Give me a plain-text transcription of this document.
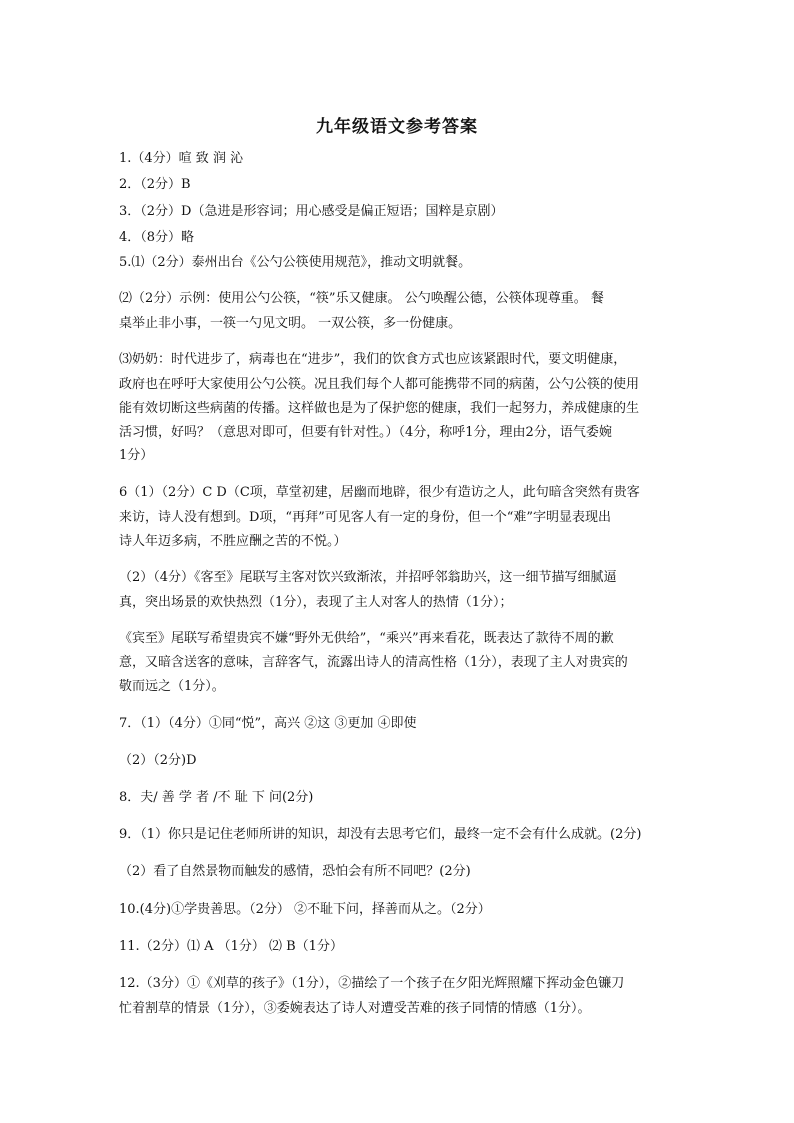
九年级语文参考答案

1.（4分）喧 致 润 沁

2．（2分）B

3．（2分）D（急进是形容词；用心感受是偏正短语；国粹是京剧）

4．（8分）略

5.⑴（2分）泰州出台《公勺公筷使用规范》，推动文明就餐。

⑵（2分）示例：使用公勺公筷，“筷”乐又健康。 公勺唤醒公德，公筷体现尊重。 餐

桌举止非小事，一筷一勺见文明。 一双公筷，多一份健康。

⑶奶奶：时代进步了，病毒也在“进步”，我们的饮食方式也应该紧跟时代，要文明健康，

政府也在呼吁大家使用公勺公筷。况且我们每个人都可能携带不同的病菌，公勺公筷的使用

能有效切断这些病菌的传播。这样做也是为了保护您的健康，我们一起努力，养成健康的生

活习惯，好吗？（意思对即可，但要有针对性。）（4分，称呼1分，理由2分，语气委婉

1分）

6（1）（2分）C D（C项，草堂初建，居幽而地辟，很少有造访之人，此句暗含突然有贵客

来访，诗人没有想到。D项，“再拜”可见客人有一定的身份，但一个“难”字明显表现出

诗人年迈多病，不胜应酬之苦的不悦。）

（2）（4分）《客至》尾联写主客对饮兴致渐浓，并招呼邻翁助兴，这一细节描写细腻逼

真，突出场景的欢快热烈（1分），表现了主人对客人的热情（1分）；

《宾至》尾联写希望贵宾不嫌“野外无供给”，“乘兴”再来看花，既表达了款待不周的歉

意，又暗含送客的意味，言辞客气，流露出诗人的清高性格（1分），表现了主人对贵宾的

敬而远之（1分）。

7．（1）（4分）①同“悦”，高兴 ②这 ③更加 ④即使

（2）（2分)D

8．夫/ 善 学 者 /不 耻 下 问(2分)

9．（1）你只是记住老师所讲的知识，却没有去思考它们，最终一定不会有什么成就。(2分)

（2）看了自然景物而触发的感情，恐怕会有所不同吧？(2分)

10.(4分)①学贵善思。（2分） ②不耻下问，择善而从之。（2分）

11.（2分）⑴ A （1分） ⑵ B（1分）

12.（3分）①《刈草的孩子》（1分），②描绘了一个孩子在夕阳光辉照耀下挥动金色镰刀

忙着割草的情景（1分），③委婉表达了诗人对遭受苦难的孩子同情的情感（1分）。
